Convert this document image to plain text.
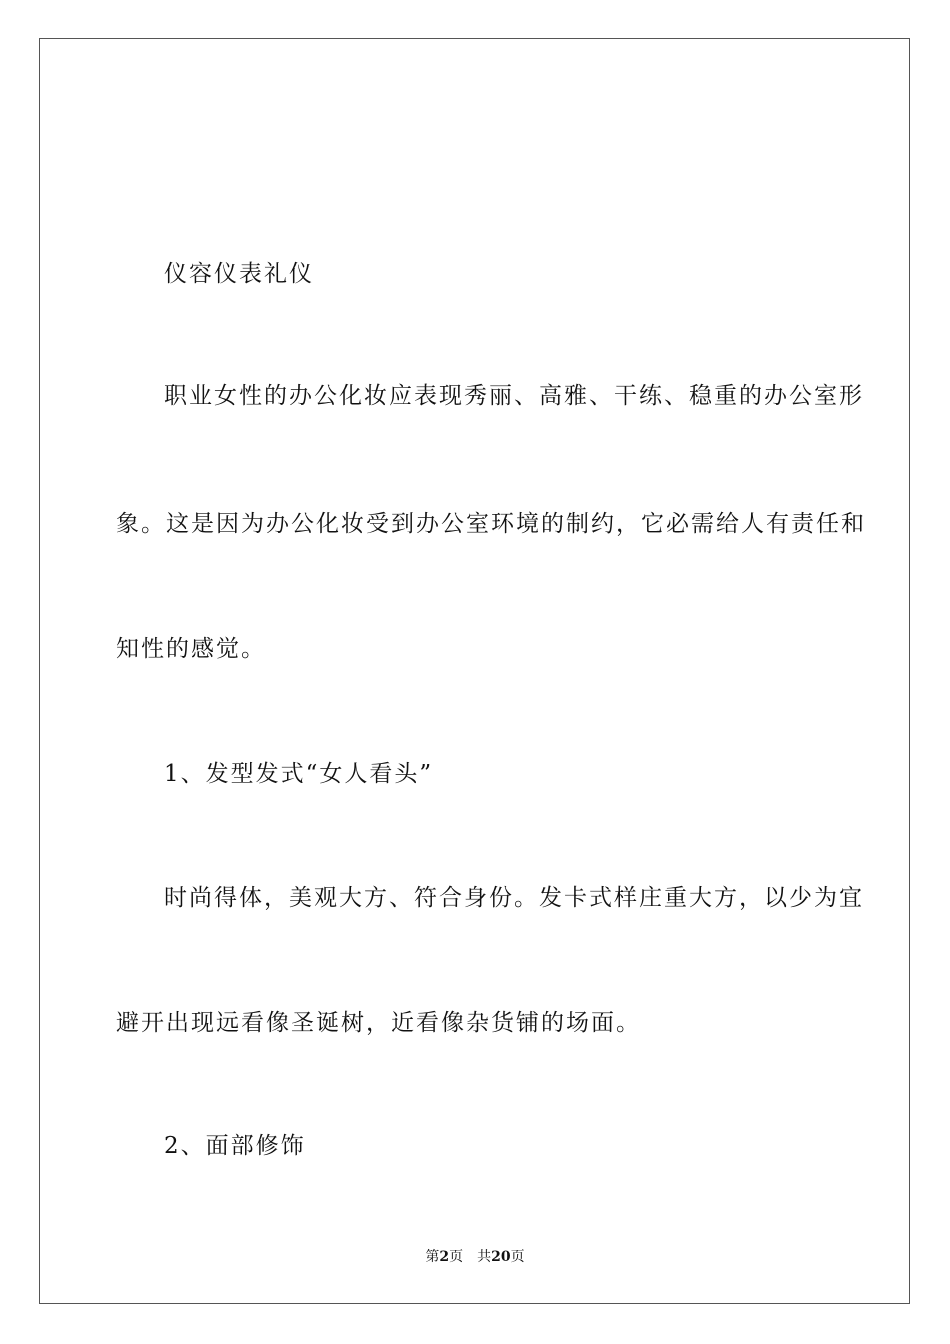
仪容仪表礼仪
职业女性的办公化妆应表现秀丽、高雅、干练、稳重的办公室形
象。这是因为办公化妆受到办公室环境的制约，它必需给人有责任和
知性的感觉。
1、发型发式“女人看头”
时尚得体，美观大方、符合身份。发卡式样庄重大方，以少为宜
避开出现远看像圣诞树，近看像杂货铺的场面。
2、面部修饰
第2页 共20页
